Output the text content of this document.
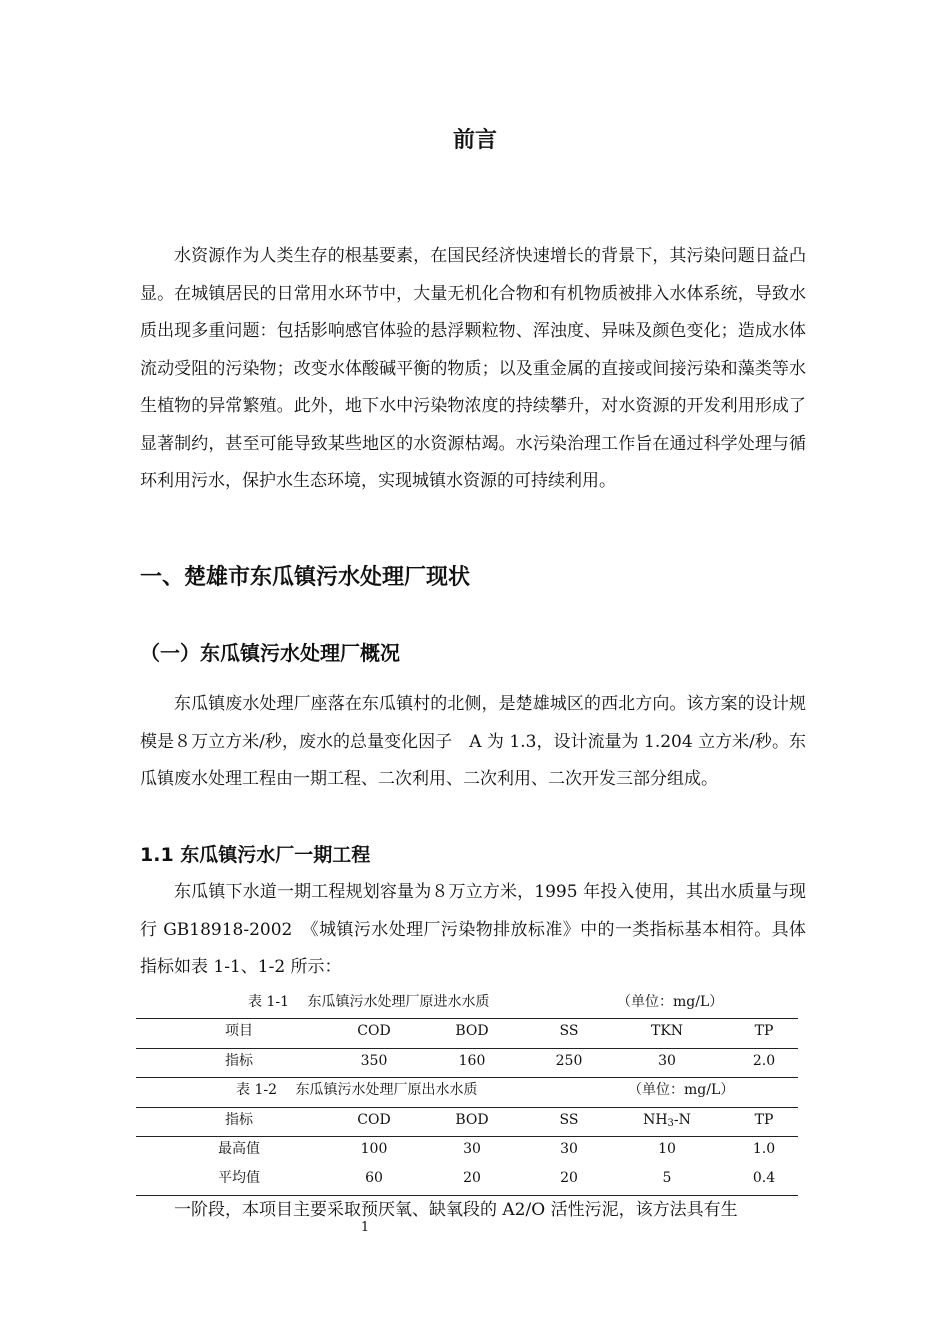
前言

水资源作为人类生存的根基要素，在国民经济快速增长的背景下，其污染问题日益凸显。在城镇居民的日常用水环节中，大量无机化合物和有机物质被排入水体系统，导致水质出现多重问题：包括影响感官体验的悬浮颗粒物、浑浊度、异味及颜色变化；造成水体流动受阻的污染物；改变水体酸碱平衡的物质；以及重金属的直接或间接污染和藻类等水生植物的异常繁殖。此外，地下水中污染物浓度的持续攀升，对水资源的开发利用形成了显著制约，甚至可能导致某些地区的水资源枯竭。水污染治理工作旨在通过科学处理与循环利用污水，保护水生态环境，实现城镇水资源的可持续利用。

一、楚雄市东瓜镇污水处理厂现状
（一）东瓜镇污水处理厂概况

东瓜镇废水处理厂座落在东瓜镇村的北侧，是楚雄城区的西北方向。该方案的设计规模是８万立方米/秒，废水的总量变化因子　A 为 1.3，设计流量为 1.204 立方米/秒。东瓜镇废水处理工程由一期工程、二次利用、二次利用、二次开发三部分组成。

1.1 东瓜镇污水厂一期工程

东瓜镇下水道一期工程规划容量为８万立方米，1995 年投入使用，其出水质量与现行 GB18918-2002　《城镇污水处理厂污染物排放标准》中的一类指标基本相符。具体指标如表 1-1、1-2 所示：

表 1-1　 东瓜镇污水处理厂原进水水质	（单位：mg/L）
项目	COD	BOD	SS	TKN	TP
指标	350	160	250	30	2.0
表 1-2　 东瓜镇污水处理厂原出水水质	（单位：mg/L）
指标	COD	BOD	SS	$NH_3-N$	TP
最高值	100	30	30	10	1.0
平均值	60	20	20	5	0.4

一阶段，本项目主要采取预厌氧、缺氧段的 A2/O 活性污泥，该方法具有生

1
